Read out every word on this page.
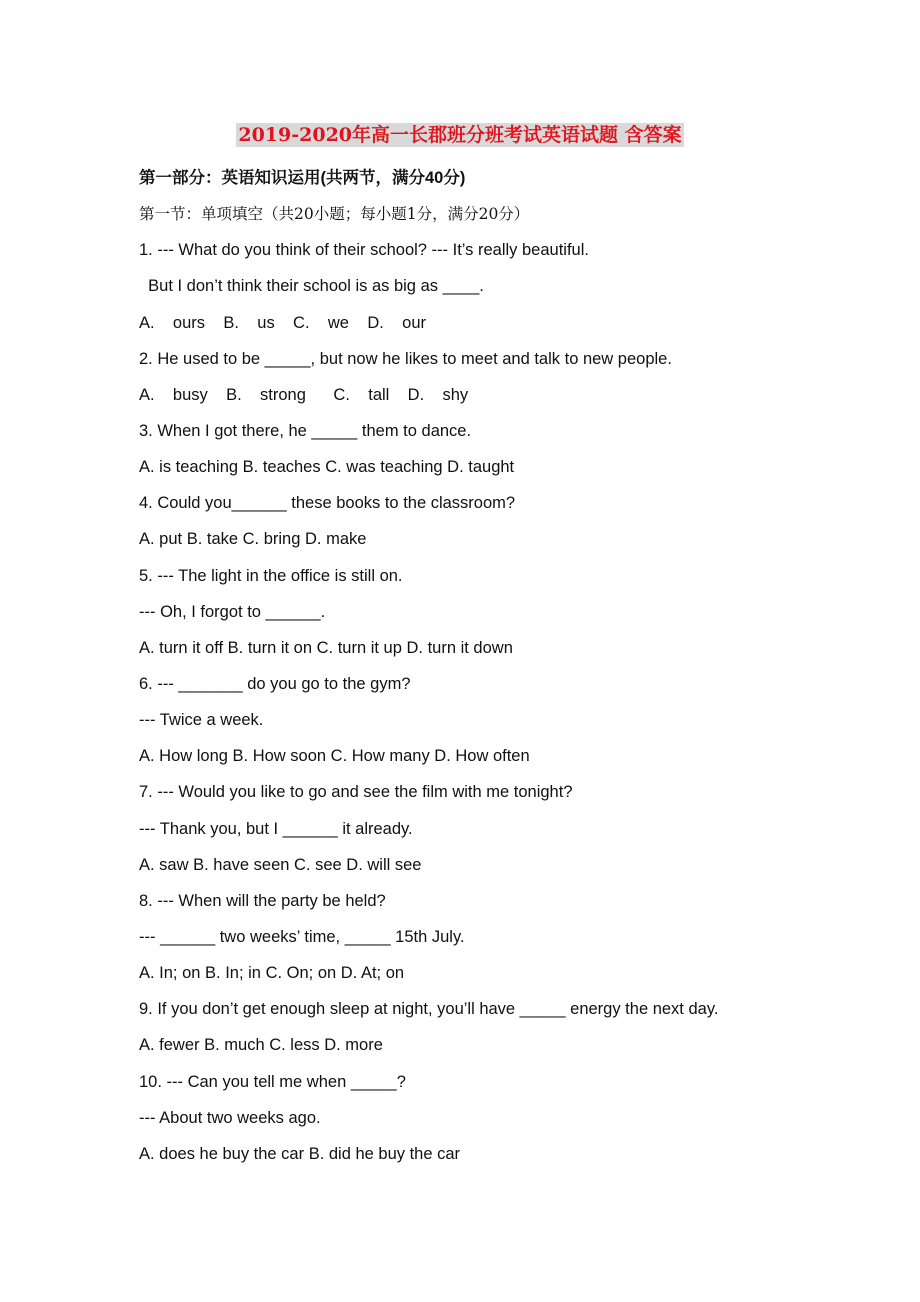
2019-2020年高一长郡班分班考试英语试题 含答案
第一部分：英语知识运用(共两节，满分40分)
第一节：单项填空（共20小题；每小题1分，满分20分）
1. --- What do you think of their school? --- It’s really beautiful.
But I don’t think their school is as big as ____.
A.    ours    B.    us    C.    we    D.    our
2. He used to be _____, but now he likes to meet and talk to new people.
A.    busy    B.    strong      C.    tall    D.    shy
3. When I got there, he _____ them to dance.
A. is teaching B. teaches C. was teaching D. taught
4. Could you______ these books to the classroom?
A. put B. take C. bring D. make
5. --- The light in the office is still on.
--- Oh, I forgot to ______.
A. turn it off B. turn it on C. turn it up D. turn it down
6. --- _______ do you go to the gym?
--- Twice a week.
A. How long B. How soon C. How many D. How often
7. --- Would you like to go and see the film with me tonight?
--- Thank you, but I ______ it already.
A. saw B. have seen C. see D. will see
8. --- When will the party be held?
--- ______ two weeks’ time, _____ 15th July.
A. In; on B. In; in C. On; on D. At; on
9. If you don’t get enough sleep at night, you’ll have _____ energy the next day.
A. fewer B. much C. less D. more
10. --- Can you tell me when _____?
--- About two weeks ago.
A. does he buy the car B. did he buy the car
